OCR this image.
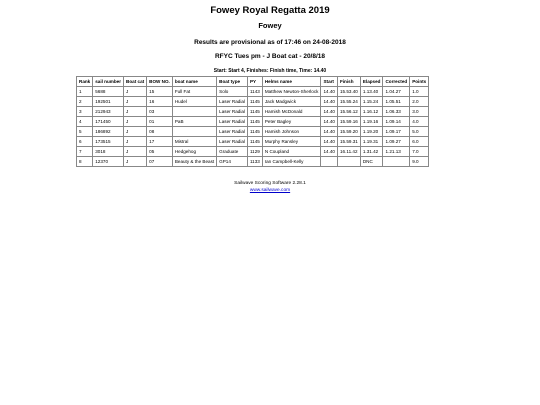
Fowey Royal Regatta 2019
Fowey
Results are provisional as of 17:46 on 24-08-2018
RFYC Tues pm - J Boat cat - 20/8/18
Start: Start 4, Finishes: Finish time, Time: 14.40
Rank	sail number	Boat cat	BOW NO.	boat name	Boat type	PY	Helms name	Start	Finish	Elapsed	Corrected	Points
1	5688	J	15	Full Fat	Solo	1143	Matthew Newton-Sherlock	14.40	15.53.40	1.13.40	1.04.27	1.0
2	192501	J	16	Hudel	Laser Radial	1145	Jack Madgwick	14.40	15.55.24	1.15.24	1.05.51	2.0
3	212943	J	03		Laser Radial	1145	Hamish McDonald	14.40	15.56.12	1.16.12	1.06.33	3.0
4	171450	J	01	PaB	Laser Radial	1145	Peter Bagley	14.40	15.59.16	1.19.16	1.09.14	4.0
5	186892	J	08		Laser Radial	1145	Hamish Johnson	14.40	15.59.20	1.19.20	1.09.17	5.0
6	173515	J	17	Mistral	Laser Radial	1145	Murphy Ransley	14.40	15.59.31	1.19.31	1.09.27	6.0
7	3018	J	05	Hedgehog	Graduate	1129	N Coupland	14.40	16.11.42	1.31.42	1.21.13	7.0
8	12370	J	07	Beauty & the Beast	GP14	1133	Ian Campbell-Kelly			DNC		9.0
Sailwave Scoring Software 2.28.1
www.sailwave.com
